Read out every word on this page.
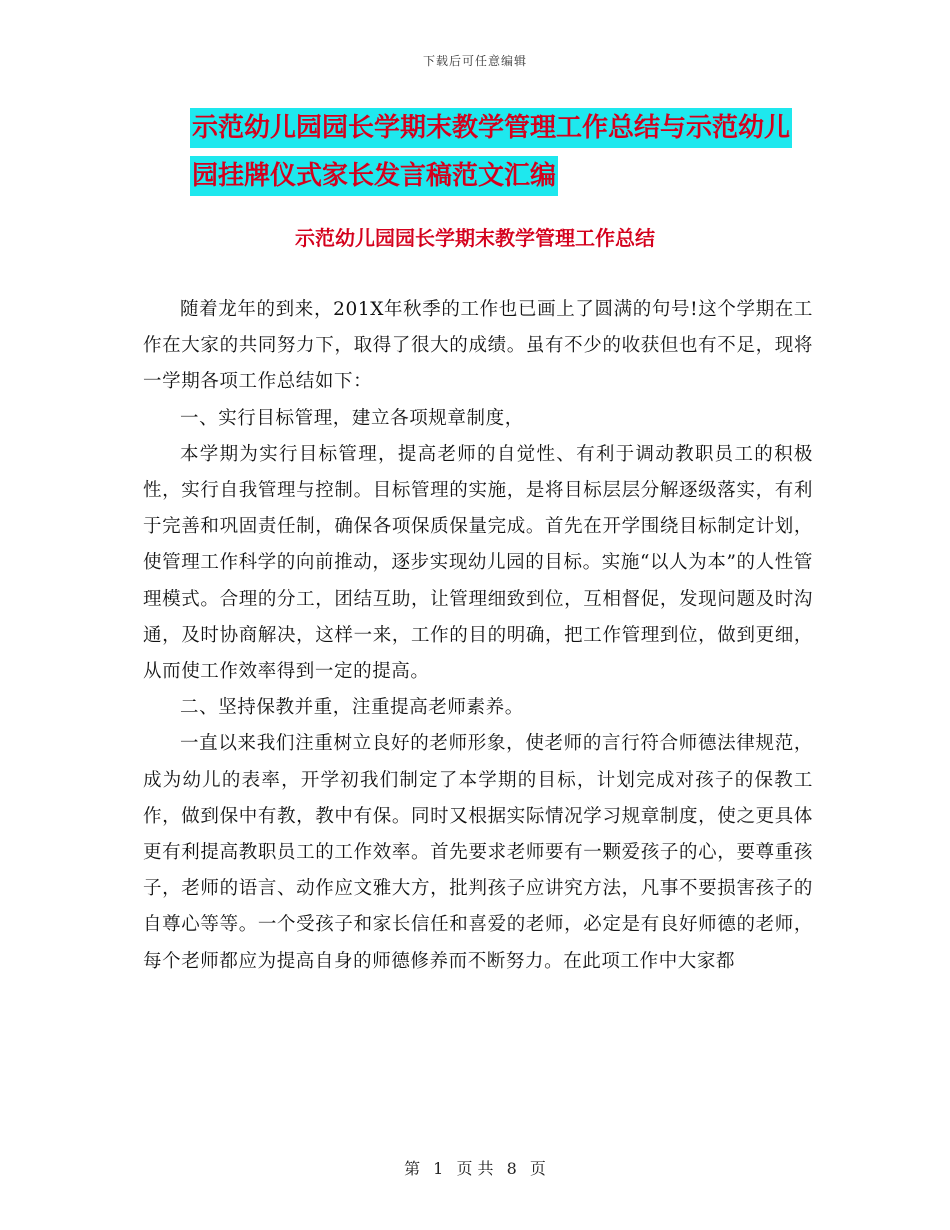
下载后可任意编辑
示范幼儿园园长学期末教学管理工作总结与示范幼儿
园挂牌仪式家长发言稿范文汇编
示范幼儿园园长学期末教学管理工作总结

随着龙年的到来，201X年秋季的工作也已画上了圆满的句号!这个学期在工作在大家的共同努力下，取得了很大的成绩。虽有不少的收获但也有不足，现将一学期各项工作总结如下：

一、实行目标管理，建立各项规章制度，

本学期为实行目标管理，提高老师的自觉性、有利于调动教职员工的积极性，实行自我管理与控制。目标管理的实施，是将目标层层分解逐级落实，有利于完善和巩固责任制，确保各项保质保量完成。首先在开学围绕目标制定计划，使管理工作科学的向前推动，逐步实现幼儿园的目标。实施“以人为本”的人性管理模式。合理的分工，团结互助，让管理细致到位，互相督促，发现问题及时沟通，及时协商解决，这样一来，工作的目的明确，把工作管理到位，做到更细，从而使工作效率得到一定的提高。

二、坚持保教并重，注重提高老师素养。

一直以来我们注重树立良好的老师形象，使老师的言行符合师德法律规范，成为幼儿的表率，开学初我们制定了本学期的目标，计划完成对孩子的保教工作，做到保中有教，教中有保。同时又根据实际情况学习规章制度，使之更具体更有利提高教职员工的工作效率。首先要求老师要有一颗爱孩子的心，要尊重孩子，老师的语言、动作应文雅大方，批判孩子应讲究方法，凡事不要损害孩子的自尊心等等。一个受孩子和家长信任和喜爱的老师，必定是有良好师德的老师，每个老师都应为提高自身的师德修养而不断努力。在此项工作中大家都

第 1 页 共 8 页
